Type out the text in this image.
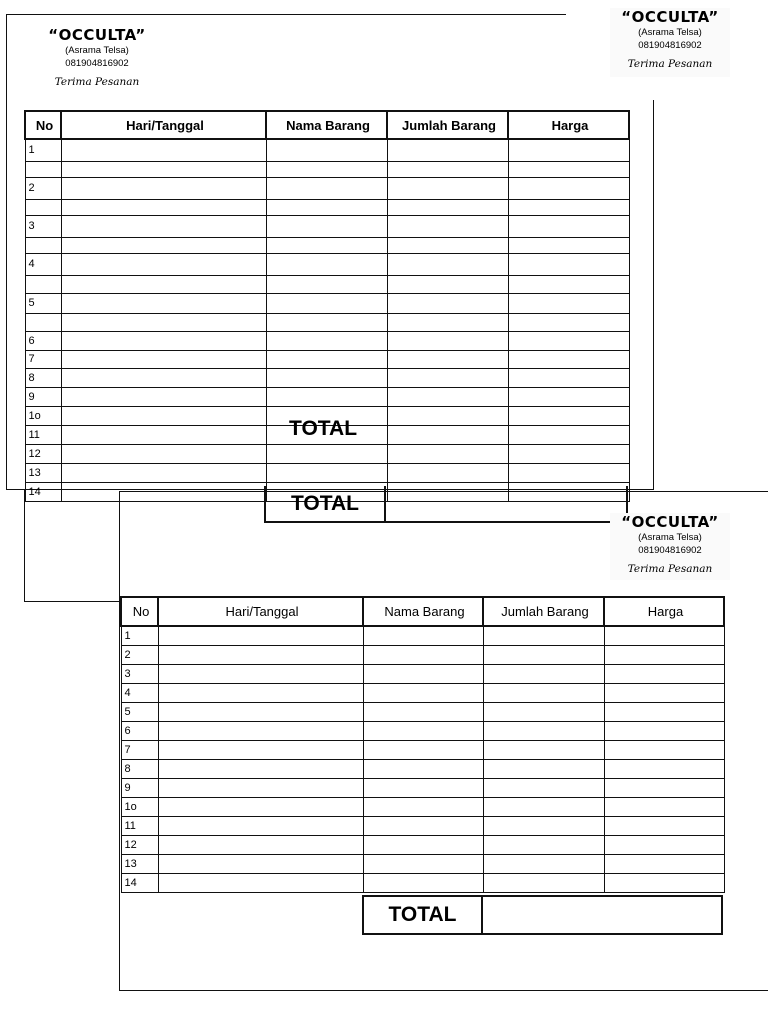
“OCCULTA”
(Asrama Telsa)
081904816902
Terima Pesanan
No	Hari/Tanggal	Nama Barang	Jumlah Barang	Harga
1				

2				

3				

4				

5				

6				
7				
8				
9				
1o				
11				
12				
13				
14				
TOTAL
TOTAL
“OCCULTA”
(Asrama Telsa)
081904816902
Terima Pesanan
“OCCULTA”
(Asrama Telsa)
081904816902
Terima Pesanan
No	Hari/Tanggal	Nama Barang	Jumlah Barang	Harga
1				
2				
3				
4				
5				
6				
7				
8				
9				
1o				
11				
12				
13				
14				
TOTAL
